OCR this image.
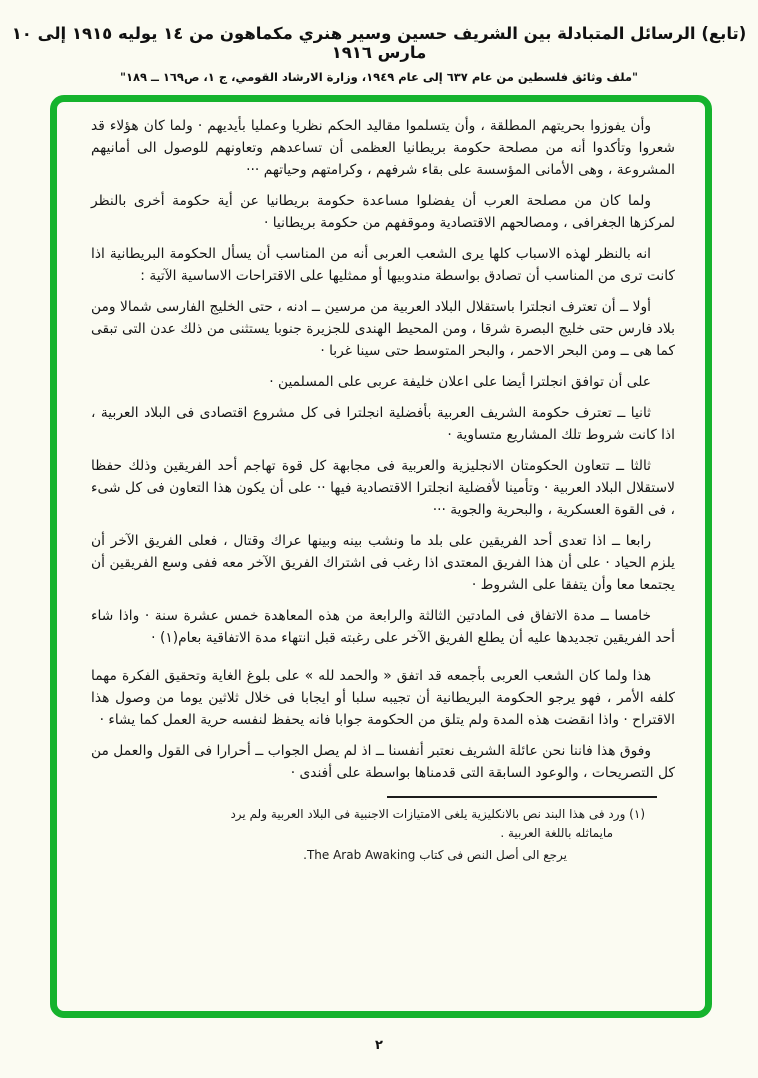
(تابع) الرسائل المتبادلة بين الشريف حسين وسير هنري مكماهون من ١٤ يوليه ١٩١٥ إلى ١٠ مارس ١٩١٦
"ملف وثائق فلسطين من عام ٦٣٧ إلى عام ١٩٤٩، وزارة الارشاد القومي، ج ١، ص١٦٩ ــ ١٨٩"

وأن يفوزوا بحريتهم المطلقة ، وأن يتسلموا مقاليد الحكم نظريا وعمليا بأيديهم · ولما كان هؤلاء قد شعروا وتأكدوا أنه من مصلحة حكومة بريطانيا العظمى أن تساعدهم وتعاونهم للوصول الى أمانيهم المشروعة ، وهى الأمانى المؤسسة على بقاء شرفهم ، وكرامتهم وحياتهم ···

ولما كان من مصلحة العرب أن يفضلوا مساعدة حكومة بريطانيا عن أية حكومة أخرى بالنظر لمركزها الجغرافى ، ومصالحهم الاقتصادية وموقفهم من حكومة بريطانيا ·

انه بالنظر لهذه الاسباب كلها يرى الشعب العربى أنه من المناسب أن يسأل الحكومة البريطانية اذا كانت ترى من المناسب أن تصادق بواسطة مندوبيها أو ممثليها على الاقتراحات الاساسية الآتية :

أولا ــ أن تعترف انجلترا باستقلال البلاد العربية من مرسين ــ ادنه ، حتى الخليج الفارسى شمالا ومن بلاد فارس حتى خليج البصرة شرقا ، ومن المحيط الهندى للجزيرة جنوبا يستثنى من ذلك عدن التى تبقى كما هى ــ ومن البحر الاحمر ، والبحر المتوسط حتى سينا غربا ·

على أن توافق انجلترا أيضا على اعلان خليفة عربى على المسلمين ·

ثانيا ــ تعترف حكومة الشريف العربية بأفضلية انجلترا فى كل مشروع اقتصادى فى البلاد العربية ، اذا كانت شروط تلك المشاريع متساوية ·

ثالثا ــ تتعاون الحكومتان الانجليزية والعربية فى مجابهة كل قوة تهاجم أحد الفريقين وذلك حفظا لاستقلال البلاد العربية · وتأمينا لأفضلية انجلترا الاقتصادية فيها ·· على أن يكون هذا التعاون فى كل شىء ، فى القوة العسكرية ، والبحرية والجوية ···

رابعا ــ اذا تعدى أحد الفريقين على بلد ما ونشب بينه وبينها عراك وقتال ، فعلى الفريق الآخر أن يلزم الحياد · على أن هذا الفريق المعتدى اذا رغب فى اشتراك الفريق الآخر معه ففى وسع الفريقين أن يجتمعا معا وأن يتفقا على الشروط ·

خامسا ــ مدة الاتفاق فى المادتين الثالثة والرابعة من هذه المعاهدة خمس عشرة سنة · واذا شاء أحد الفريقين تجديدها عليه أن يطلع الفريق الآخر على رغبته قبل انتهاء مدة الاتفاقية بعام(١) ·

هذا ولما كان الشعب العربى بأجمعه قد اتفق « والحمد لله » على بلوغ الغاية وتحقيق الفكرة مهما كلفه الأمر ، فهو يرجو الحكومة البريطانية أن تجيبه سلبا أو ايجابا فى خلال ثلاثين يوما من وصول هذا الاقتراح · واذا انقضت هذه المدة ولم يتلق من الحكومة جوابا فانه يحفظ لنفسه حرية العمل كما يشاء ·

وفوق هذا فاننا نحن عائلة الشريف نعتبر أنفسنا ــ اذ لم يصل الجواب ــ أحرارا فى القول والعمل من كل التصريحات ، والوعود السابقة التى قدمناها بواسطة على أفندى ·

(١) ورد فى هذا البند نص بالانكليزية يلغى الامتيازات الاجنبية فى البلاد العربية ولم يرد

مايماثله باللغة العربية .

يرجع الى أصل النص فى كتاب The Arab Awaking.

٢
